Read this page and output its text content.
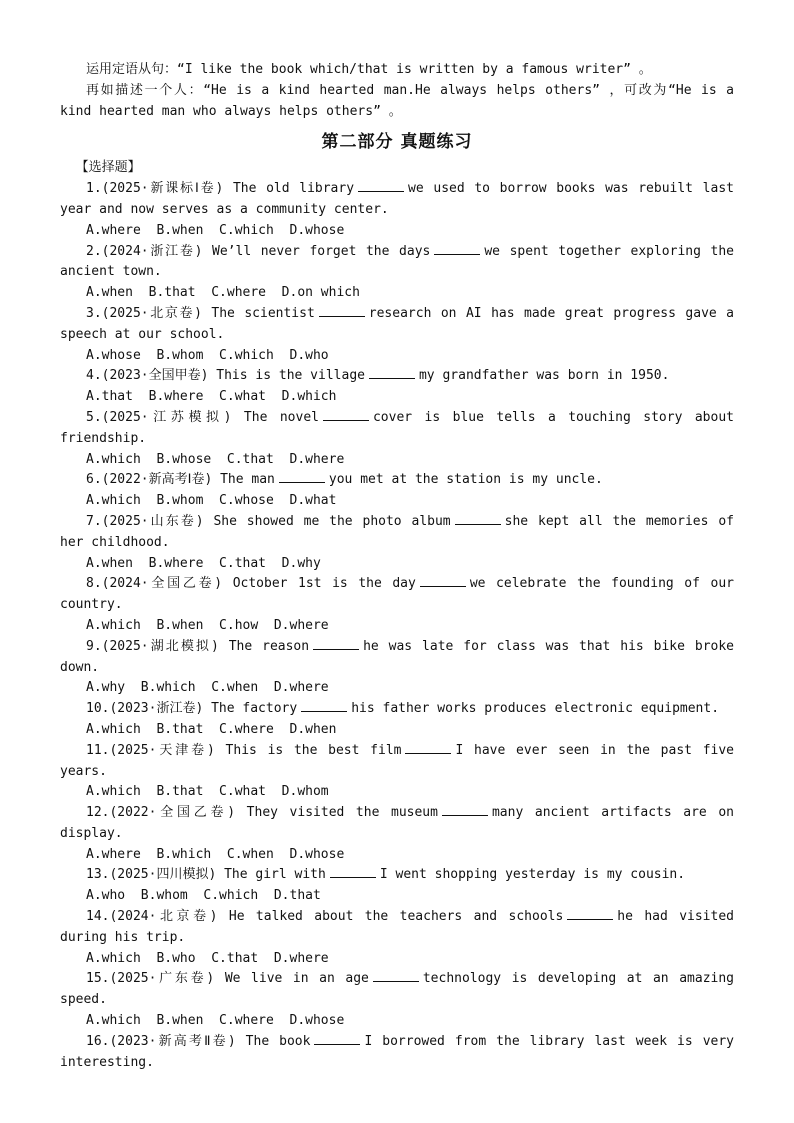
运用定语从句：“I like the book which/that is written by a famous writer” 。

再如描述一个人：“He is a kind hearted man.He always helps others” ，可改为“He is a kind hearted man who always helps others” 。

第二部分 真题练习

【选择题】

1.(2025·新课标Ⅰ卷) The old library	we used to borrow books was rebuilt last year and now serves as a community center.

A.where  B.when  C.which  D.whose

2.(2024·浙江卷) We’ll never forget the days	we spent together exploring the ancient town.

A.when  B.that  C.where  D.on which

3.(2025·北京卷) The scientist	research on AI has made great progress gave a speech at our school.

A.whose  B.whom  C.which  D.who

4.(2023·全国甲卷) This is the village	my grandfather was born in 1950.

A.that  B.where  C.what  D.which

5.(2025·江苏模拟) The novel	cover is blue tells a touching story about friendship.

A.which  B.whose  C.that  D.where

6.(2022·新高考Ⅰ卷) The man	you met at the station is my uncle.

A.which  B.whom  C.whose  D.what

7.(2025·山东卷) She showed me the photo album	she kept all the memories of her childhood.

A.when  B.where  C.that  D.why

8.(2024·全国乙卷) October 1st is the day	we celebrate the founding of our country.

A.which  B.when  C.how  D.where

9.(2025·湖北模拟) The reason	he was late for class was that his bike broke down.

A.why  B.which  C.when  D.where

10.(2023·浙江卷) The factory	his father works produces electronic equipment.

A.which  B.that  C.where  D.when

11.(2025·天津卷) This is the best film	I have ever seen in the past five years.

A.which  B.that  C.what  D.whom

12.(2022·全国乙卷) They visited the museum	many ancient artifacts are on display.

A.where  B.which  C.when  D.whose

13.(2025·四川模拟) The girl with	I went shopping yesterday is my cousin.

A.who  B.whom  C.which  D.that

14.(2024·北京卷) He talked about the teachers and schools	he had visited during his trip.

A.which  B.who  C.that  D.where

15.(2025·广东卷) We live in an age	technology is developing at an amazing speed.

A.which  B.when  C.where  D.whose

16.(2023·新高考Ⅱ卷) The book	I borrowed from the library last week is very interesting.
